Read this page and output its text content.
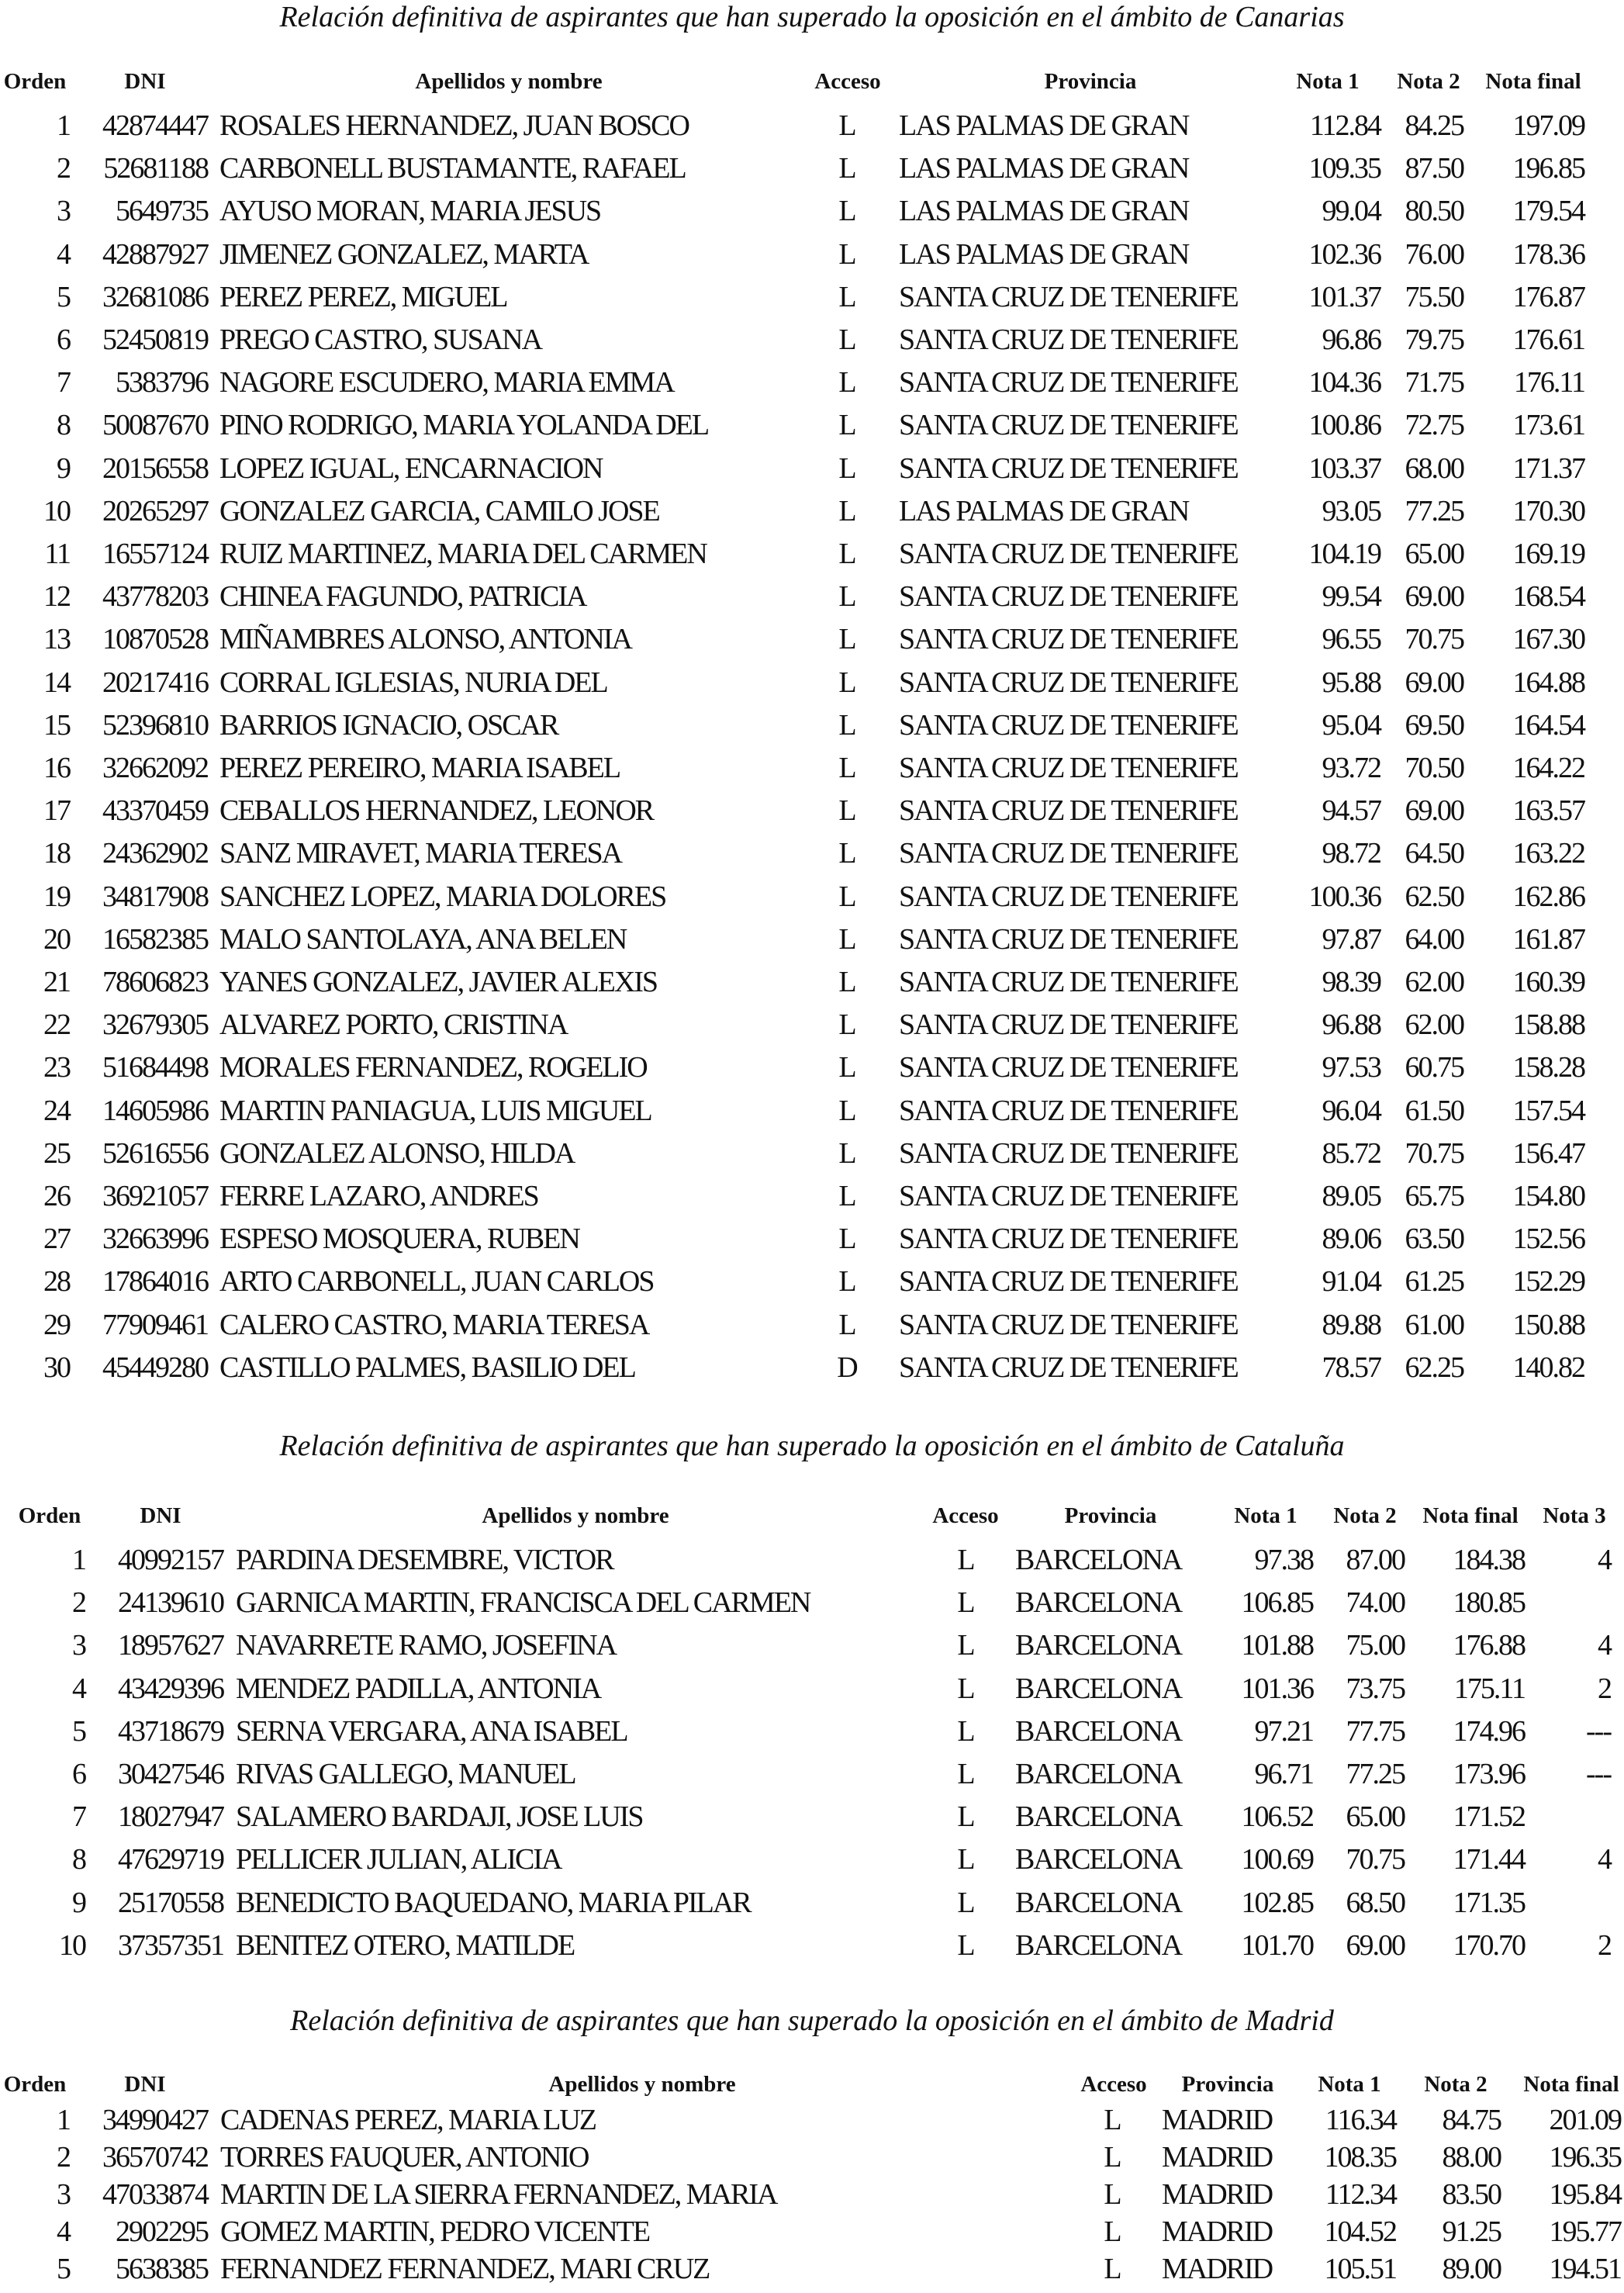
Relación definitiva de aspirantes que han superado la oposición en el ámbito de Canarias
Orden	DNI	Apellidos y nombre	Acceso	Provincia	Nota 1 Nota 2 Nota final
1 42874447 ROSALES HERNANDEZ, JUAN BOSCO	L LAS PALMAS DE GRAN	112.84 84.25 197.09
2 52681188 CARBONELL BUSTAMANTE, RAFAEL	L LAS PALMAS DE GRAN	109.35 87.50 196.85
3 5649735 AYUSO MORAN, MARIA JESUS	L LAS PALMAS DE GRAN	99.04 80.50 179.54
4 42887927 JIMENEZ GONZALEZ, MARTA	L LAS PALMAS DE GRAN	102.36 76.00 178.36
5 32681086 PEREZ PEREZ, MIGUEL	L SANTA CRUZ DE TENERIFE 101.37 75.50 176.87
6 52450819 PREGO CASTRO, SUSANA	L SANTA CRUZ DE TENERIFE	96.86 79.75 176.61
7 5383796 NAGORE ESCUDERO, MARIA EMMA	L SANTA CRUZ DE TENERIFE 104.36 71.75 176.11
8 50087670 PINO RODRIGO, MARIA YOLANDA DEL	L SANTA CRUZ DE TENERIFE 100.86 72.75 173.61
9 20156558 LOPEZ IGUAL, ENCARNACION	L SANTA CRUZ DE TENERIFE 103.37 68.00 171.37
10 20265297 GONZALEZ GARCIA, CAMILO JOSE	L LAS PALMAS DE GRAN	93.05 77.25 170.30
11 16557124 RUIZ MARTINEZ, MARIA DEL CARMEN	L SANTA CRUZ DE TENERIFE 104.19 65.00 169.19
12 43778203 CHINEA FAGUNDO, PATRICIA	L SANTA CRUZ DE TENERIFE	99.54 69.00 168.54
13 10870528 MIÑAMBRES ALONSO, ANTONIA	L SANTA CRUZ DE TENERIFE	96.55 70.75 167.30
14 20217416 CORRAL IGLESIAS, NURIA DEL	L SANTA CRUZ DE TENERIFE	95.88 69.00 164.88
15 52396810 BARRIOS IGNACIO, OSCAR	L SANTA CRUZ DE TENERIFE	95.04 69.50 164.54
16 32662092 PEREZ PEREIRO, MARIA ISABEL	L SANTA CRUZ DE TENERIFE	93.72 70.50 164.22
17 43370459 CEBALLOS HERNANDEZ, LEONOR	L SANTA CRUZ DE TENERIFE	94.57 69.00 163.57
18 24362902 SANZ MIRAVET, MARIA TERESA	L SANTA CRUZ DE TENERIFE	98.72 64.50 163.22
19 34817908 SANCHEZ LOPEZ, MARIA DOLORES	L SANTA CRUZ DE TENERIFE 100.36 62.50 162.86
20 16582385 MALO SANTOLAYA, ANA BELEN	L SANTA CRUZ DE TENERIFE	97.87 64.00 161.87
21 78606823 YANES GONZALEZ, JAVIER ALEXIS	L SANTA CRUZ DE TENERIFE	98.39 62.00 160.39
22 32679305 ALVAREZ PORTO, CRISTINA	L SANTA CRUZ DE TENERIFE	96.88 62.00 158.88
23 51684498 MORALES FERNANDEZ, ROGELIO	L SANTA CRUZ DE TENERIFE	97.53 60.75 158.28
24 14605986 MARTIN PANIAGUA, LUIS MIGUEL	L SANTA CRUZ DE TENERIFE	96.04 61.50 157.54
25 52616556 GONZALEZ ALONSO, HILDA	L SANTA CRUZ DE TENERIFE	85.72 70.75 156.47
26 36921057 FERRE LAZARO, ANDRES	L SANTA CRUZ DE TENERIFE	89.05 65.75 154.80
27 32663996 ESPESO MOSQUERA, RUBEN	L SANTA CRUZ DE TENERIFE	89.06 63.50 152.56
28 17864016 ARTO CARBONELL, JUAN CARLOS	L SANTA CRUZ DE TENERIFE	91.04 61.25 152.29
29 77909461 CALERO CASTRO, MARIA TERESA	L SANTA CRUZ DE TENERIFE	89.88 61.00 150.88
30 45449280 CASTILLO PALMES, BASILIO DEL	D SANTA CRUZ DE TENERIFE	78.57 62.25 140.82
Relación definitiva de aspirantes que han superado la oposición en el ámbito de Cataluña
Orden	DNI	Apellidos y nombre	Acceso	Provincia	Nota 1 Nota 2 Nota final Nota 3
1 40992157 PARDINA DESEMBRE, VICTOR	L BARCELONA 97.38 87.00 184.38 4
2 24139610 GARNICA MARTIN, FRANCISCA DEL CARMEN	L BARCELONA 106.85 74.00 180.85
3 18957627 NAVARRETE RAMO, JOSEFINA	L BARCELONA 101.88 75.00 176.88 4
4 43429396 MENDEZ PADILLA, ANTONIA	L BARCELONA 101.36 73.75 175.11 2
5 43718679 SERNA VERGARA, ANA ISABEL	L BARCELONA 97.21 77.75 174.96 ---
6 30427546 RIVAS GALLEGO, MANUEL	L BARCELONA 96.71 77.25 173.96 ---
7 18027947 SALAMERO BARDAJI, JOSE LUIS	L BARCELONA 106.52 65.00 171.52
8 47629719 PELLICER JULIAN, ALICIA	L BARCELONA 100.69 70.75 171.44 4
9 25170558 BENEDICTO BAQUEDANO, MARIA PILAR	L BARCELONA 102.85 68.50 171.35
10 37357351 BENITEZ OTERO, MATILDE	L BARCELONA 101.70 69.00 170.70 2
Relación definitiva de aspirantes que han superado la oposición en el ámbito de Madrid
Orden	DNI	Apellidos y nombre	Acceso Provincia Nota 1 Nota 2 Nota final
1 34990427 CADENAS PEREZ, MARIA LUZ	L MADRID 116.34 84.75 201.09
2 36570742 TORRES FAUQUER, ANTONIO	L MADRID 108.35 88.00 196.35
3 47033874 MARTIN DE LA SIERRA FERNANDEZ, MARIA	L MADRID 112.34 83.50 195.84
4 2902295 GOMEZ MARTIN, PEDRO VICENTE	L MADRID 104.52 91.25 195.77
5 5638385 FERNANDEZ FERNANDEZ, MARI CRUZ	L MADRID 105.51 89.00 194.51
